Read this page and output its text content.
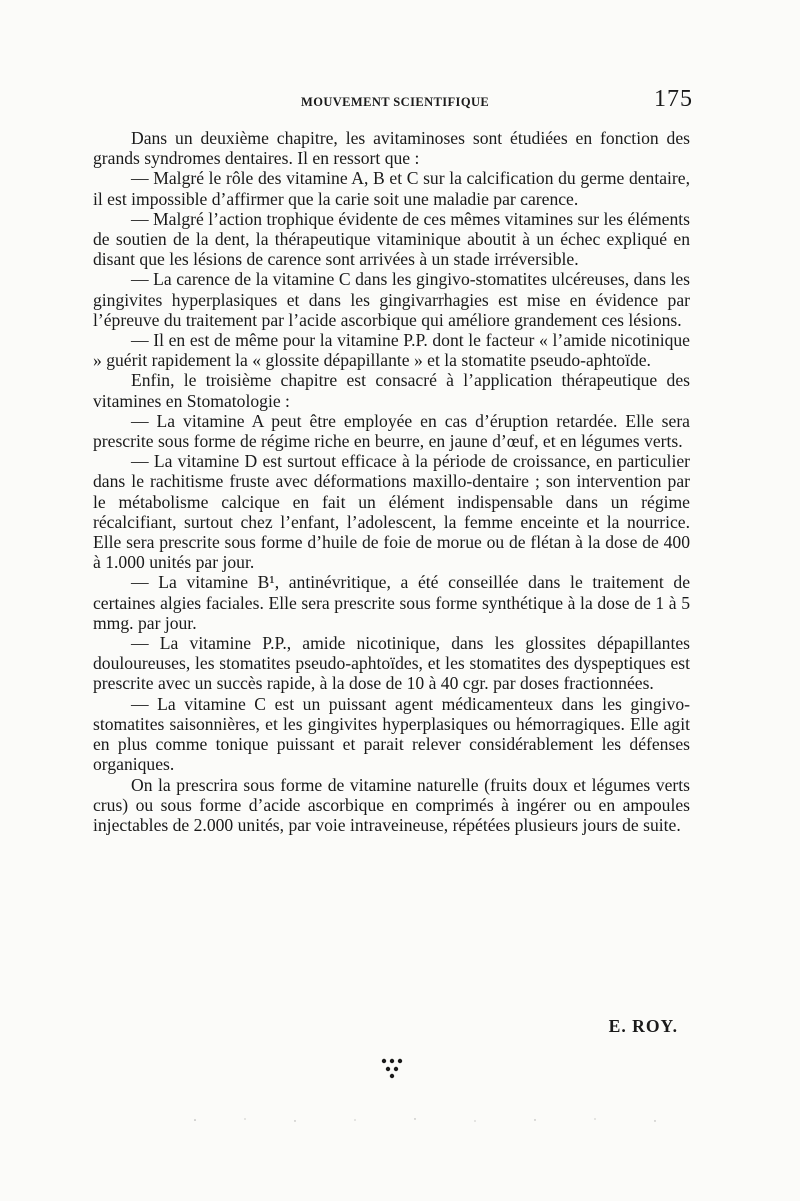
MOUVEMENT SCIENTIFIQUE	175

Dans un deuxième chapitre, les avitaminoses sont étudiées en fonction des grands syndromes dentaires. Il en ressort que :

— Malgré le rôle des vitamine A, B et C sur la calcification du germe dentaire, il est impossible d’affirmer que la carie soit une maladie par carence.

— Malgré l’action trophique évidente de ces mêmes vitamines sur les éléments de soutien de la dent, la thérapeutique vitaminique aboutit à un échec expliqué en disant que les lésions de carence sont arrivées à un stade irréversible.

— La carence de la vitamine C dans les gingivo-stomatites ulcéreuses, dans les gingivites hyperplasiques et dans les gingivarrhagies est mise en évidence par l’épreuve du traitement par l’acide ascorbique qui améliore grandement ces lésions.

— Il en est de même pour la vitamine P.P. dont le facteur « l’amide nicotinique » guérit rapidement la « glossite dépapillante » et la stomatite pseudo-aphtoïde.

Enfin, le troisième chapitre est consacré à l’application thérapeutique des vitamines en Stomatologie :

— La vitamine A peut être employée en cas d’éruption retardée. Elle sera prescrite sous forme de régime riche en beurre, en jaune d’œuf, et en légumes verts.

— La vitamine D est surtout efficace à la période de croissance, en particulier dans le rachitisme fruste avec déformations maxillo-dentaire ; son intervention par le métabolisme calcique en fait un élément indispensable dans un régime récalcifiant, surtout chez l’enfant, l’adolescent, la femme enceinte et la nourrice. Elle sera prescrite sous forme d’huile de foie de morue ou de flétan à la dose de 400 à 1.000 unités par jour.

— La vitamine B¹, antinévritique, a été conseillée dans le traitement de certaines algies faciales. Elle sera prescrite sous forme synthétique à la dose de 1 à 5 mmg. par jour.

— La vitamine P.P., amide nicotinique, dans les glossites dépapillantes douloureuses, les stomatites pseudo-aphtoïdes, et les stomatites des dyspeptiques est prescrite avec un succès rapide, à la dose de 10 à 40 cgr. par doses fractionnées.

— La vitamine C est un puissant agent médicamenteux dans les gingivo-stomatites saisonnières, et les gingivites hyperplasiques ou hémorragiques. Elle agit en plus comme tonique puissant et parait relever considérablement les défenses organiques.

On la prescrira sous forme de vitamine naturelle (fruits doux et légumes verts crus) ou sous forme d’acide ascorbique en comprimés à ingérer ou en ampoules injectables de 2.000 unités, par voie intraveineuse, répétées plusieurs jours de suite.

E. ROY.
